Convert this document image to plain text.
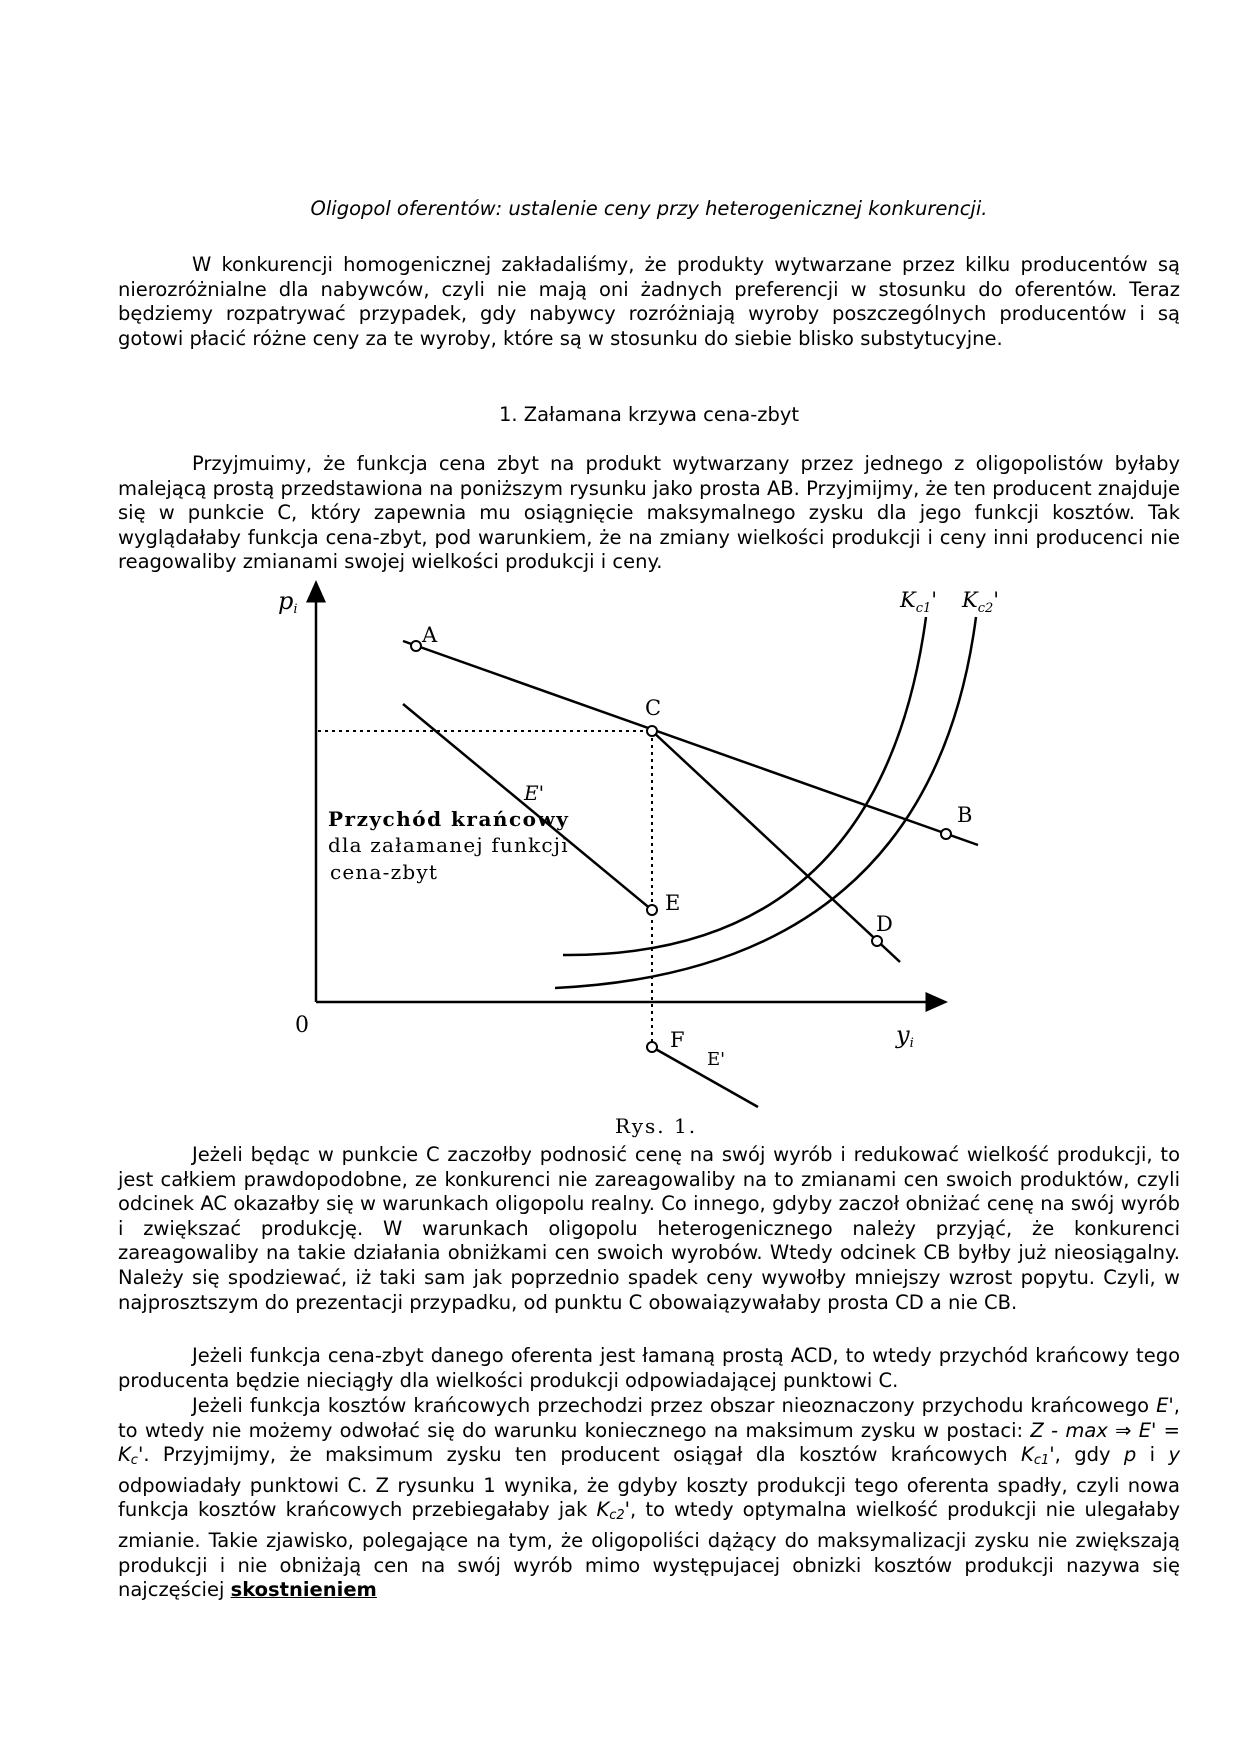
Oligopol oferentów: ustalenie ceny przy heterogenicznej konkurencji.

W konkurencji homogenicznej zakładaliśmy, że produkty wytwarzane przez kilku producentów są nierozróżnialne dla nabywców, czyli nie mają oni żadnych preferencji w stosunku do oferentów. Teraz będziemy rozpatrywać przypadek, gdy nabywcy rozróżniają wyroby poszczególnych producentów i są gotowi płacić różne ceny za te wyroby, które są w stosunku do siebie blisko substytucyjne.

1. Załamana krzywa cena-zbyt

Przyjmuimy, że funkcja cena zbyt na produkt wytwarzany przez jednego z oligopolistów byłaby malejącą prostą przedstawiona na poniższym rysunku jako prosta AB. Przyjmijmy, że ten producent znajduje się w punkcie C, który zapewnia mu osiągnięcie maksymalnego zysku dla jego funkcji kosztów. Tak wyglądałaby funkcja cena-zbyt, pod warunkiem, że na zmiany wielkości produkcji i ceny inni producenci nie reagowaliby zmianami swojej wielkości produkcji i ceny.

pi
yi
0
A
C
B
D
E
F
E'
E'
$K_{c1}'$ $K_{c2}'$
Przychód krańcowy
dla załamanej funkcji
cena-zbyt
Rys. 1.

Jeżeli będąc w punkcie C zaczołby podnosić cenę na swój wyrób i redukować wielkość produkcji, to jest całkiem prawdopodobne, ze konkurenci nie zareagowaliby na to zmianami cen swoich produktów, czyli odcinek AC okazałby się w warunkach oligopolu realny. Co innego, gdyby zaczoł obniżać cenę na swój wyrób i zwiększać produkcję. W warunkach oligopolu heterogenicznego należy przyjąć, że konkurenci zareagowaliby na takie działania obniżkami cen swoich wyrobów. Wtedy odcinek CB byłby już nieosiągalny. Należy się spodziewać, iż taki sam jak poprzednio spadek ceny wywołby mniejszy wzrost popytu. Czyli, w najprosztszym do prezentacji przypadku, od punktu C obowaiązywałaby prosta CD a nie CB.

Jeżeli funkcja cena-zbyt danego oferenta jest łamaną prostą ACD, to wtedy przychód krańcowy tego producenta będzie nieciągły dla wielkości produkcji odpowiadającej punktowi C.

Jeżeli funkcja kosztów krańcowych przechodzi przez obszar nieoznaczony przychodu krańcowego E', to wtedy nie możemy odwołać się do warunku koniecznego na maksimum zysku w postaci: Z - max ⇒ $E' = K_c'$. Przyjmijmy, że maksimum zysku ten producent osiągał dla kosztów krańcowych $K_{c1}'$, gdy p i y odpowiadały punktowi C. Z rysunku 1 wynika, że gdyby koszty produkcji tego oferenta spadły, czyli nowa funkcja kosztów krańcowych przebiegałaby jak $K_{c2}'$, to wtedy optymalna wielkość produkcji nie ulegałaby zmianie. Takie zjawisko, polegające na tym, że oligopoliści dążący do maksymalizacji zysku nie zwiększają produkcji i nie obniżają cen na swój wyrób mimo występujacej obnizki kosztów produkcji nazywa się najczęściej skostnieniem
